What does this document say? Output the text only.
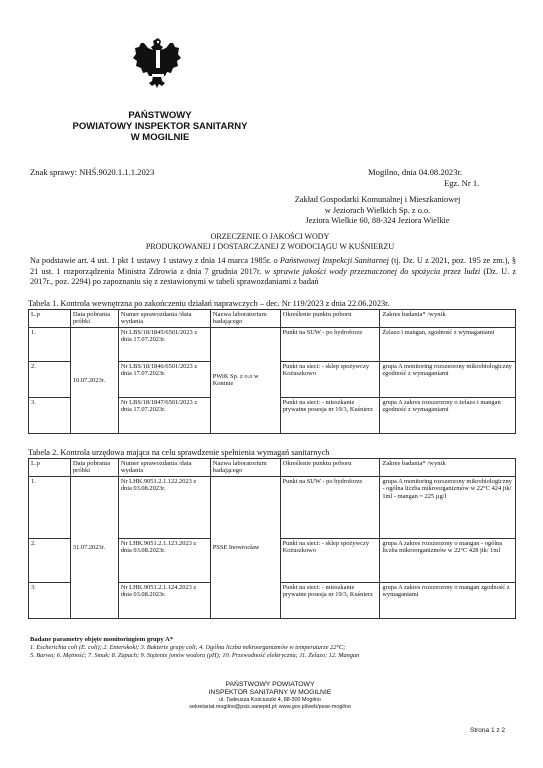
PAŃSTWOWY
POWIATOWY INSPEKTOR SANITARNY
W MOGILNIE
Znak sprawy: NHŚ.9020.1.1.1.2023	Mogilno, dnia 04.08.2023r.
Egz. Nr 1.
Zakład Gospodarki Komunalnej i Mieszkaniowej
w Jeziorach Wielkich Sp. z o.o.
Jeziora Wielkie 60, 88-324 Jeziora Wielkie
ORZECZENIE O JAKOŚCI WODY
PRODUKOWANEJ I DOSTARCZANEJ Z WODOCIĄGU W KUŚNIERZU
Na podstawie art. 4 ust. 1 pkt 1 ustawy 1 ustawy z dnia 14 marca 1985r. o Państwowej Inspekcji Sanitarnej (tj. Dz. U z 2021, poz. 195 ze zm.), § 21 ust. 1 rozporządzenia Ministra Zdrowia z dnia 7 grudnia 2017r. w sprawie jakości wody przeznaczonej do spożycia przez ludzi (Dz. U. z 2017r., poz. 2294) po zapoznaniu się z zestawionymi w tabeli sprawozdaniami z badań
Tabela 1. Kontrola wewnętrzna po zakończeniu działań naprawczych – dec. Nr 119/2023 z dnia 22.06.2023r.
L.p	Data pobrania próbki	Numer sprawozdania /data wydania	Nazwa laboratorium badającego	Określenie punktu poboru	Zakres badania* /wynik
1.	10.07.2023r.	Nr LBS/18/1845/6501/2023 z dnia 17.07.2023r.	PWiK Sp. z o.o w Koninie	Punkt na SUW - po hydroforze	Żelazo i mangan, zgodność z wymaganiami
2.		Nr LBS/18/1846/6501/2023 z dnia 17.07.2023r.		Punkt na sieci: - sklep spożywczy Kożuszkowo	grupa A monitoring rozszerzony mikrobiologiczny zgodność z wymaganiami
3.		Nr LBS/18/1847/6501/2023 z dnia 17.07.2023r.		Punkt na sieci: - mieszkanie prywatne posesja nr 19/3, Kuśnierz	grupa A zakres rozszerzony o żelazo i mangan zgodność z wymaganiami
Tabela 2. Kontrola urzędowa mająca na celu sprawdzenie spełnienia wymagań sanitarnych
L.p	Data pobrania próbki	Numer sprawozdania /data wydania	Nazwa laboratorium badającego	Określenie punktu poboru	Zakres badania* /wynik
1.	31.07.2023r.	Nr LHK.9051.2.1.122.2023 z dnia 03.08.2023r.	PSSE Inowrocław	Punkt na SUW - po hydroforze	grupa A monitoring rozszerzony mikrobiologiczny - ogólna liczba mikroorganizmów w 22°C 424 jtk/ 1ml - mangan = 225 µg/l
2.		Nr LHK.9051.2.1.123.2023 z dnia 03.08.2023r.		Punkt na sieci: - sklep spożywczy Kożuszkowo	grupa A zakres rozszerzony o mangan - ogólna liczba mikroorganizmów w 22°C 428 jtk/ 1ml
3.		Nr LHK.9051.2.1.124.2023 z dnia 03.08.2023r.		Punkt na sieci: - mieszkanie prywatne posesja nr 19/3, Kuśnierz	grupa A zakres rozszerzony o mangan zgodność z wymaganiami
Badane parametry objęte monitoringiem grupy A*
1. Escherichia coli (E. coli); 2. Enterokoki; 3. Bakterie grupy coli; 4. Ogólna liczba mikroorganizmów w temperaturze 22°C;
5. Barwa; 6. Mętność; 7. Smak; 8. Zapach; 9. Stężenie jonów wodoru (pH); 10. Przewodność elektryczna; 11. Żelazo; 12. Mangan
PAŃSTWOWY POWIATOWY
INSPEKTOR SANITARNY W MOGILNIE
ul. Tadeusza Kościuszki 4, 88-300 Mogilno
sekretariat.mogilno@psis.sanepid.pl; www.gov.pl/web/psse-mogilno
Strona 1 z 2
